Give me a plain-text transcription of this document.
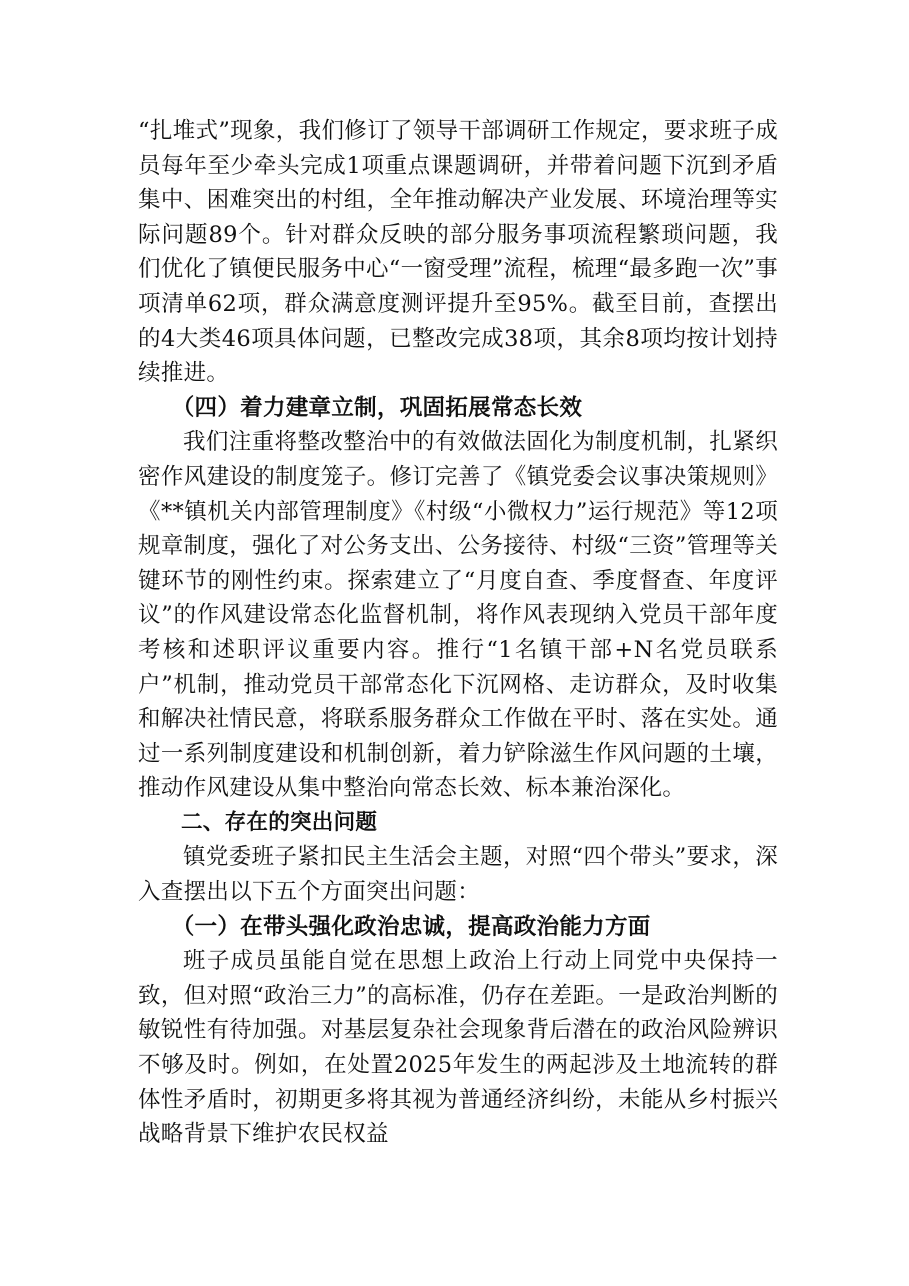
“扎堆式”现象，我们修订了领导干部调研工作规定，要求班子成员每年至少牵头完成1项重点课题调研，并带着问题下沉到矛盾集中、困难突出的村组，全年推动解决产业发展、环境治理等实际问题89个。针对群众反映的部分服务事项流程繁琐问题，我们优化了镇便民服务中心“一窗受理”流程，梳理“最多跑一次”事项清单62项，群众满意度测评提升至95%。截至目前，查摆出的4大类46项具体问题，已整改完成38项，其余8项均按计划持续推进。

（四）着力建章立制，巩固拓展常态长效

我们注重将整改整治中的有效做法固化为制度机制，扎紧织密作风建设的制度笼子。修订完善了《镇党委会议事决策规则》《**镇机关内部管理制度》《村级“小微权力”运行规范》等12项规章制度，强化了对公务支出、公务接待、村级“三资”管理等关键环节的刚性约束。探索建立了“月度自查、季度督查、年度评议”的作风建设常态化监督机制，将作风表现纳入党员干部年度考核和述职评议重要内容。推行“1名镇干部+N名党员联系户”机制，推动党员干部常态化下沉网格、走访群众，及时收集和解决社情民意，将联系服务群众工作做在平时、落在实处。通过一系列制度建设和机制创新，着力铲除滋生作风问题的土壤，推动作风建设从集中整治向常态长效、标本兼治深化。

二、存在的突出问题

镇党委班子紧扣民主生活会主题，对照“四个带头”要求，深入查摆出以下五个方面突出问题：

（一）在带头强化政治忠诚，提高政治能力方面

班子成员虽能自觉在思想上政治上行动上同党中央保持一致，但对照“政治三力”的高标准，仍存在差距。一是政治判断的敏锐性有待加强。对基层复杂社会现象背后潜在的政治风险辨识不够及时。例如，在处置2025年发生的两起涉及土地流转的群体性矛盾时，初期更多将其视为普通经济纠纷，未能从乡村振兴战略背景下维护农民权益
